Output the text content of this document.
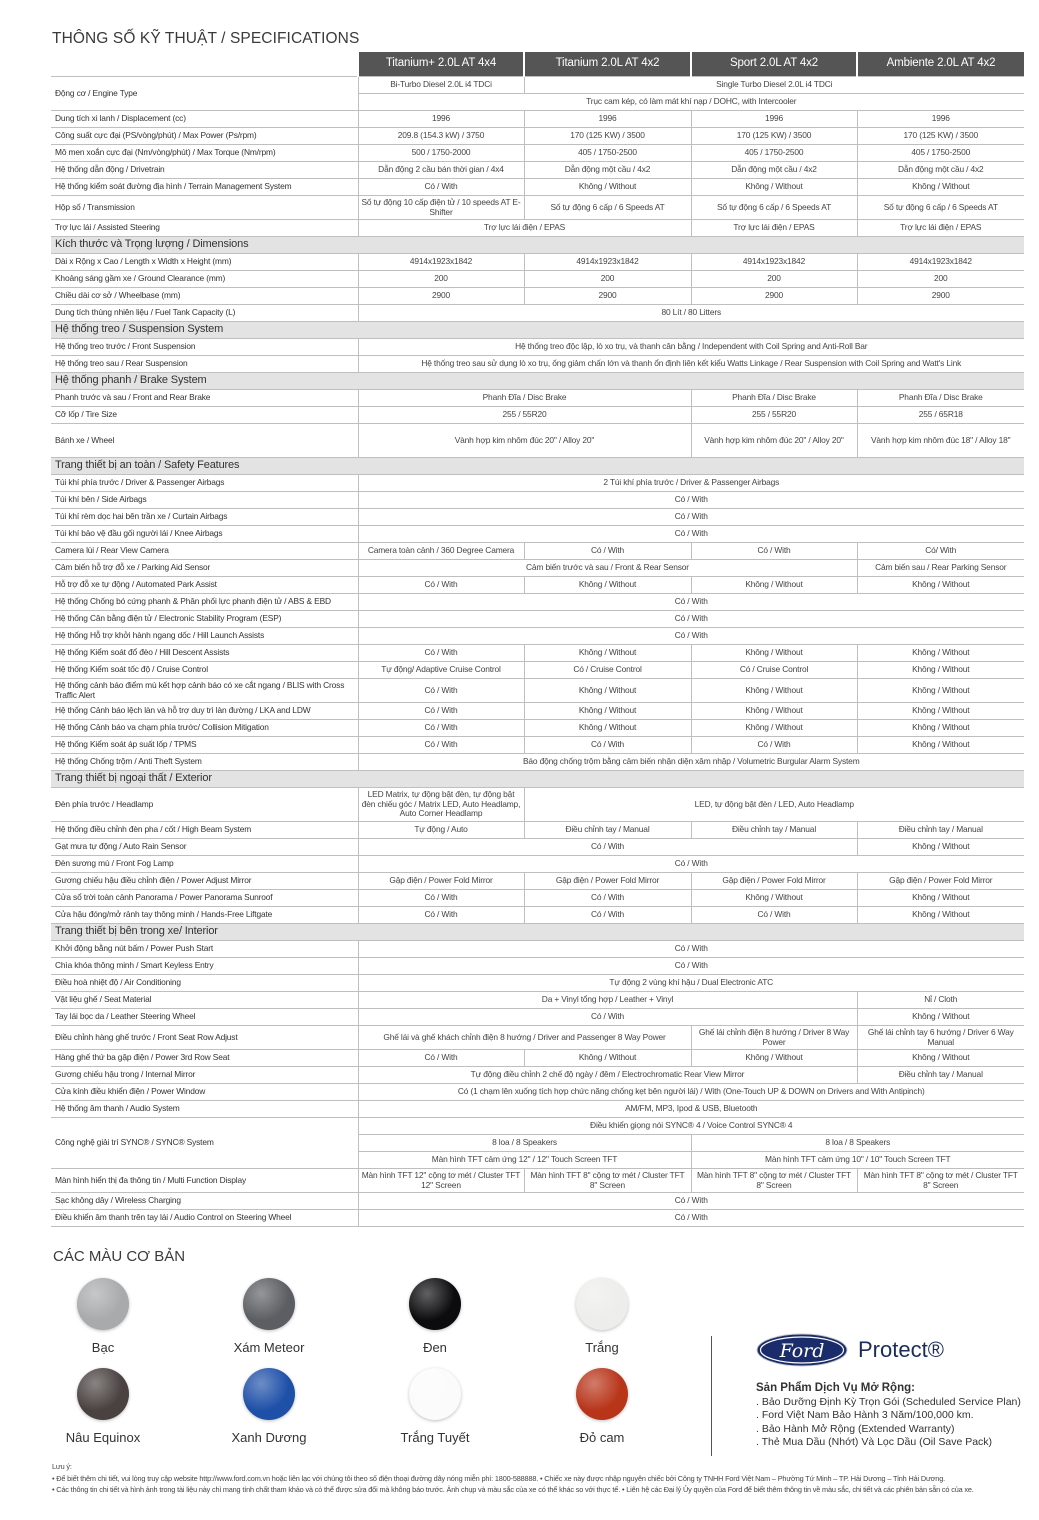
THÔNG SỐ KỸ THUẬT / SPECIFICATIONS
	Titanium+ 2.0L AT 4x4	Titanium 2.0L AT 4x2	Sport 2.0L AT 4x2	Ambiente 2.0L AT 4x2
Động cơ / Engine Type	Bi-Turbo Diesel 2.0L i4 TDCi	Single Turbo Diesel 2.0L i4 TDCi		
	Trục cam kép, có làm mát khí nạp / DOHC, with Intercooler			
Dung tích xi lanh / Displacement (cc)	1996	1996	1996	1996
Công suất cực đại (PS/vòng/phút) / Max Power (Ps/rpm)	209.8 (154.3 kW) / 3750	170 (125 KW) / 3500	170 (125 KW) / 3500	170 (125 KW) / 3500
Mô men xoắn cực đại (Nm/vòng/phút) / Max Torque (Nm/rpm)	500 / 1750-2000	405 / 1750-2500	405 / 1750-2500	405 / 1750-2500
Hệ thống dẫn động / Drivetrain	Dẫn động 2 cầu bán thời gian / 4x4	Dẫn động một cầu / 4x2	Dẫn động một cầu / 4x2	Dẫn động một cầu / 4x2
Hệ thống kiểm soát đường địa hình / Terrain Management System	Có / With	Không / Without	Không / Without	Không / Without
Hộp số / Transmission	Số tự động 10 cấp điện tử / 10 speeds AT E-Shifter	Số tự động 6 cấp / 6 Speeds AT	Số tự động 6 cấp / 6 Speeds AT	Số tự động 6 cấp / 6 Speeds AT
Trợ lực lái / Assisted Steering	Trợ lực lái điện / EPAS		Trợ lực lái điện / EPAS	Trợ lực lái điện / EPAS
Kích thước và Trọng lượng / Dimensions				
Dài x Rộng x Cao / Length x Width x Height (mm)	4914x1923x1842	4914x1923x1842	4914x1923x1842	4914x1923x1842
Khoảng sáng gầm xe / Ground Clearance (mm)	200	200	200	200
Chiều dài cơ sở / Wheelbase (mm)	2900	2900	2900	2900
Dung tích thùng nhiên liệu / Fuel Tank Capacity (L)	80 Lít / 80 Litters			
Hệ thống treo / Suspension System				
Hệ thống treo trước / Front Suspension	Hệ thống treo độc lập, lò xo trụ, và thanh cân bằng / Independent with Coil Spring and Anti-Roll Bar			
Hệ thống treo sau / Rear Suspension	Hệ thống treo sau sử dụng lò xo trụ, ống giảm chấn lớn và thanh ổn định liên kết kiểu Watts Linkage / Rear Suspension with Coil Spring and Watt's Link			
Hệ thống phanh / Brake System				
Phanh trước và sau / Front and Rear Brake	Phanh Đĩa / Disc Brake		Phanh Đĩa / Disc Brake	Phanh Đĩa / Disc Brake
Cỡ lốp / Tire Size	255 / 55R20		255 / 55R20	255 / 65R18
Bánh xe / Wheel	Vành hợp kim nhôm đúc 20" / Alloy 20"		Vành hợp kim nhôm đúc 20" / Alloy 20"	Vành hợp kim nhôm đúc 18" / Alloy 18"
Trang thiết bị an toàn / Safety Features				
Túi khí phía trước / Driver & Passenger Airbags	2 Túi khí phía trước / Driver & Passenger Airbags			
Túi khí bên / Side Airbags	Có / With			
Túi khí rèm dọc hai bên trần xe / Curtain Airbags	Có / With			
Túi khí bảo vệ đầu gối người lái / Knee Airbags	Có / With			
Camera lùi / Rear View Camera	Camera toàn cảnh / 360 Degree Camera	Có / With	Có / With	Có/ With
Cảm biến hỗ trợ đỗ xe / Parking Aid Sensor	Cảm biến trước và sau / Front & Rear Sensor			Cảm biến sau / Rear Parking Sensor
Hỗ trợ đỗ xe tự động / Automated Park Assist	Có / With	Không / Without	Không / Without	Không / Without
Hệ thống Chống bó cứng phanh & Phân phối lực phanh điện tử / ABS & EBD	Có / With			
Hệ thống Cân bằng điện tử / Electronic Stability Program (ESP)	Có / With			
Hệ thống Hỗ trợ khởi hành ngang dốc / Hill Launch Assists	Có / With			
Hệ thống Kiểm soát đổ đèo / Hill Descent Assists	Có / With	Không / Without	Không / Without	Không / Without
Hệ thống Kiểm soát tốc độ / Cruise Control	Tự động/ Adaptive Cruise Control	Có / Cruise Control	Có / Cruise Control	Không / Without
Hệ thống cảnh báo điểm mù kết hợp cảnh báo có xe cắt ngang / BLIS with Cross Traffic Alert	Có / With	Không / Without	Không / Without	Không / Without
Hệ thống Cảnh báo lệch làn và hỗ trợ duy trì làn đường / LKA and LDW	Có / With	Không / Without	Không / Without	Không / Without
Hệ thống Cảnh báo va chạm phía trước/ Collision Mitigation	Có / With	Không / Without	Không / Without	Không / Without
Hệ thống Kiểm soát áp suất lốp / TPMS	Có / With	Có / With	Có / With	Không / Without
Hệ thống Chống trộm / Anti Theft System	Báo động chống trộm bằng cảm biến nhận diện xâm nhập / Volumetric Burgular Alarm System			
Trang thiết bị ngoại thất / Exterior				
Đèn phía trước / Headlamp	LED Matrix, tự động bật đèn, tự động bật đèn chiếu góc / Matrix LED, Auto Headlamp, Auto Corner Headlamp	LED, tự động bật đèn / LED, Auto Headlamp		
Hệ thống điều chỉnh đèn pha / cốt / High Beam System	Tự động / Auto	Điều chỉnh tay / Manual	Điều chỉnh tay / Manual	Điều chỉnh tay / Manual
Gạt mưa tự động / Auto Rain Sensor	Có / With			Không / Without
Đèn sương mù / Front Fog Lamp	Có / With			
Gương chiếu hậu điều chỉnh điện / Power Adjust Mirror	Gập điện / Power Fold Mirror	Gập điện / Power Fold Mirror	Gập điện / Power Fold Mirror	Gập điện / Power Fold Mirror
Cửa sổ trời toàn cảnh Panorama / Power Panorama Sunroof	Có / With	Có / With	Không / Without	Không / Without
Cửa hậu đóng/mở rảnh tay thông minh / Hands-Free Liftgate	Có / With	Có / With	Có / With	Không / Without
Trang thiết bị bên trong xe/ Interior				
Khởi động bằng nút bấm / Power Push Start	Có / With			
Chìa khóa thông minh / Smart Keyless Entry	Có / With			
Điều hoà nhiệt độ / Air Conditioning	Tự động 2 vùng khí hậu / Dual Electronic ATC			
Vật liệu ghế / Seat Material	Da + Vinyl tổng hợp / Leather + Vinyl			Nỉ / Cloth
Tay lái bọc da / Leather Steering Wheel	Có / With			Không / Without
Điều chỉnh hàng ghế trước / Front Seat Row Adjust	Ghế lái và ghế khách chỉnh điện 8 hướng / Driver and Passenger 8 Way Power		Ghế lái chỉnh điện 8 hướng / Driver 8 Way Power	Ghế lái chỉnh tay 6 hướng / Driver 6 Way Manual
Hàng ghế thứ ba gập điện / Power 3rd Row Seat	Có / With	Không / Without	Không / Without	Không / Without
Gương chiếu hậu trong / Internal Mirror	Tự động điều chỉnh 2 chế độ ngày / đêm / Electrochromatic Rear View Mirror			Điều chỉnh tay / Manual
Cửa kính điều khiển điện / Power Window	Có (1 chạm lên xuống tích hợp chức năng chống kẹt bên người lái) / With (One-Touch UP & DOWN on Drivers and With Antipinch)			
Hệ thống âm thanh / Audio System	AM/FM, MP3, Ipod & USB, Bluetooth			
Công nghệ giải trí SYNC® / SYNC® System	Điều khiển giọng nói SYNC® 4 / Voice Control SYNC® 4			
	8 loa / 8 Speakers		8 loa / 8 Speakers	
	Màn hình TFT cảm ứng 12" / 12" Touch Screen TFT		Màn hình TFT cảm ứng 10" / 10" Touch Screen TFT	
Màn hình hiển thị đa thông tin / Multi Function Display	Màn hình TFT 12" cộng tơ mét / Cluster TFT 12" Screen	Màn hình TFT 8" cộng tơ mét / Cluster TFT 8" Screen	Màn hình TFT 8" cộng tơ mét / Cluster TFT 8" Screen	Màn hình TFT 8" cộng tơ mét / Cluster TFT 8" Screen
Sạc không dây / Wireless Charging	Có / With			
Điều khiển âm thanh trên tay lái / Audio Control on Steering Wheel	Có / With			
CÁC MÀU CƠ BẢN
Bạc	Xám Meteor	Đen	Trắng
Nâu Equinox	Xanh Dương	Trắng Tuyết	Đỏ cam
Ford Protect®
Sản Phẩm Dịch Vụ Mở Rộng:
. Bảo Dưỡng Định Kỳ Trọn Gói (Scheduled Service Plan)
. Ford Việt Nam Bảo Hành 3 Năm/100,000 km.
. Bảo Hành Mở Rộng (Extended Warranty)
. Thẻ Mua Dầu (Nhớt) Và Lọc Dầu (Oil Save Pack)
Lưu ý:
• Để biết thêm chi tiết, vui lòng truy cập website http://www.ford.com.vn hoặc liên lạc với chúng tôi theo số điện thoại đường dây nóng miễn phí: 1800-588888. • Chiếc xe này được nhập nguyên chiếc bởi Công ty TNHH Ford Việt Nam – Phường Tứ Minh – TP. Hải Dương – Tỉnh Hải Dương.
• Các thông tin chi tiết và hình ảnh trong tài liệu này chỉ mang tính chất tham khảo và có thể được sửa đổi mà không báo trước. Ảnh chụp và màu sắc của xe có thể khác so với thực tế. • Liên hệ các Đại lý Ủy quyền của Ford để biết thêm thông tin về màu sắc, chi tiết và các phiên bản sẵn có của xe.
